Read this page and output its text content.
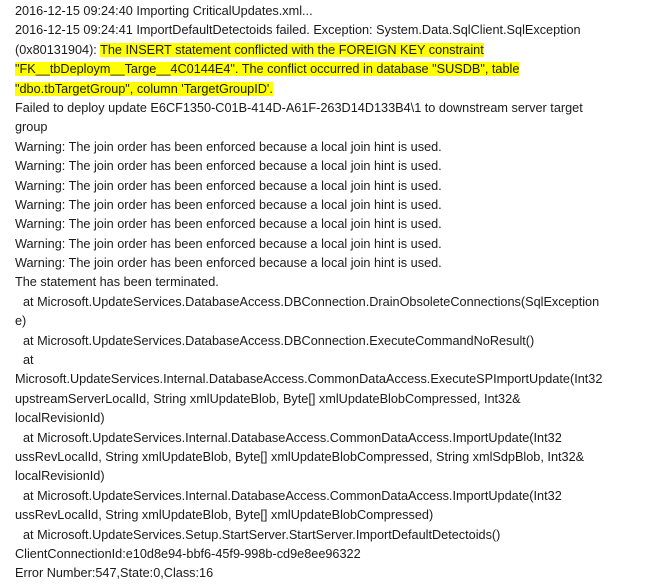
2016-12-15 09:24:40 Importing CriticalUpdates.xml...
2016-12-15 09:24:41 ImportDefaultDetectoids failed. Exception: System.Data.SqlClient.SqlException
(0x80131904): The INSERT statement conflicted with the FOREIGN KEY constraint
"FK__tbDeploym__Targe__4C0144E4". The conflict occurred in database "SUSDB", table
"dbo.tbTargetGroup", column 'TargetGroupID'.
Failed to deploy update E6CF1350-C01B-414D-A61F-263D14D133B4\1 to downstream server target
group
Warning: The join order has been enforced because a local join hint is used.
Warning: The join order has been enforced because a local join hint is used.
Warning: The join order has been enforced because a local join hint is used.
Warning: The join order has been enforced because a local join hint is used.
Warning: The join order has been enforced because a local join hint is used.
Warning: The join order has been enforced because a local join hint is used.
Warning: The join order has been enforced because a local join hint is used.
The statement has been terminated.
at Microsoft.UpdateServices.DatabaseAccess.DBConnection.DrainObsoleteConnections(SqlException
e)
at Microsoft.UpdateServices.DatabaseAccess.DBConnection.ExecuteCommandNoResult()
at
Microsoft.UpdateServices.Internal.DatabaseAccess.CommonDataAccess.ExecuteSPImportUpdate(Int32
upstreamServerLocalId, String xmlUpdateBlob, Byte[] xmlUpdateBlobCompressed, Int32&
localRevisionId)
at Microsoft.UpdateServices.Internal.DatabaseAccess.CommonDataAccess.ImportUpdate(Int32
ussRevLocalId, String xmlUpdateBlob, Byte[] xmlUpdateBlobCompressed, String xmlSdpBlob, Int32&
localRevisionId)
at Microsoft.UpdateServices.Internal.DatabaseAccess.CommonDataAccess.ImportUpdate(Int32
ussRevLocalId, String xmlUpdateBlob, Byte[] xmlUpdateBlobCompressed)
at Microsoft.UpdateServices.Setup.StartServer.StartServer.ImportDefaultDetectoids()
ClientConnectionId:e10d8e94-bbf6-45f9-998b-cd9e8ee96322
Error Number:547,State:0,Class:16
